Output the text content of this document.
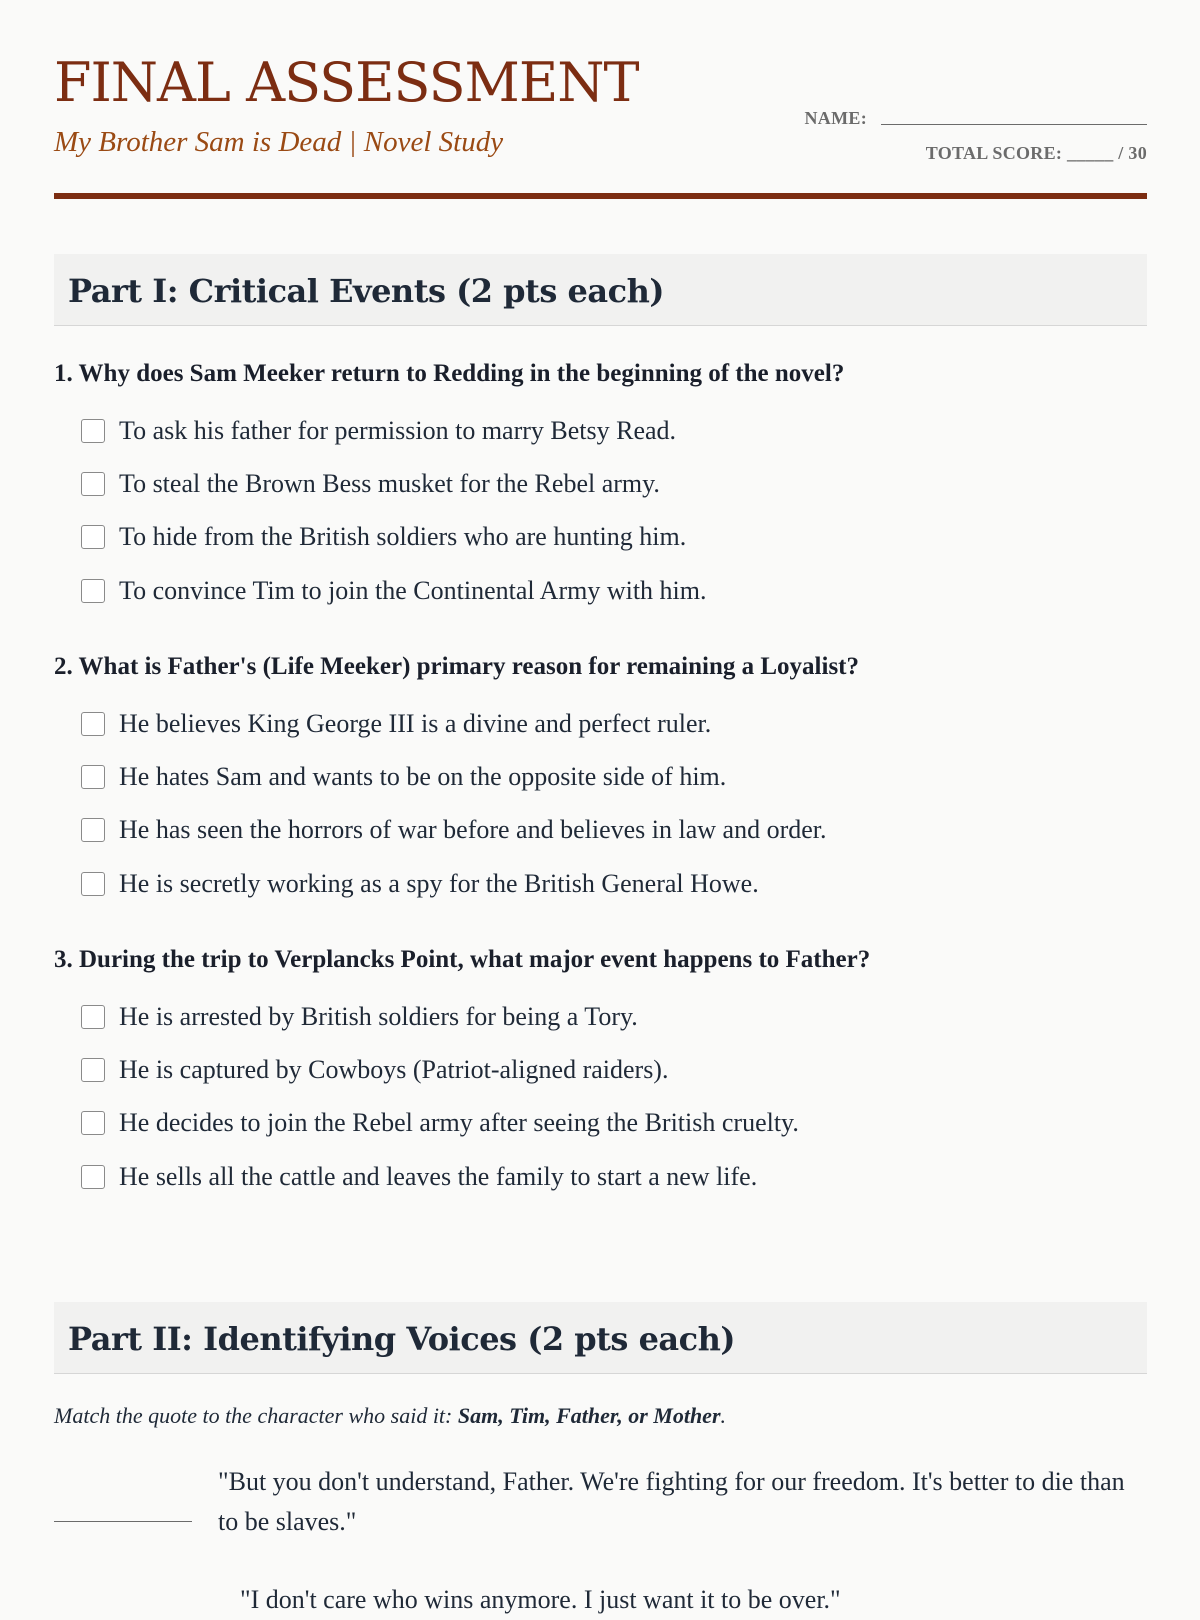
FINAL ASSESSMENT
My Brother Sam is Dead | Novel Study
NAME:
TOTAL SCORE: _____ / 30
Part I: Critical Events (2 pts each)

1. Why does Sam Meeker return to Redding in the beginning of the novel?

To ask his father for permission to marry Betsy Read.
To steal the Brown Bess musket for the Rebel army.
To hide from the British soldiers who are hunting him.
To convince Tim to join the Continental Army with him.

2. What is Father's (Life Meeker) primary reason for remaining a Loyalist?

He believes King George III is a divine and perfect ruler.
He hates Sam and wants to be on the opposite side of him.
He has seen the horrors of war before and believes in law and order.
He is secretly working as a spy for the British General Howe.

3. During the trip to Verplancks Point, what major event happens to Father?

He is arrested by British soldiers for being a Tory.
He is captured by Cowboys (Patriot-aligned raiders).
He decides to join the Rebel army after seeing the British cruelty.
He sells all the cattle and leaves the family to start a new life.
Part II: Identifying Voices (2 pts each)
Match the quote to the character who said it: Sam, Tim, Father, or Mother.
"But you don't understand, Father. We're fighting for our freedom. It's better to die than to be slaves."
"I don't care who wins anymore. I just want it to be over."
